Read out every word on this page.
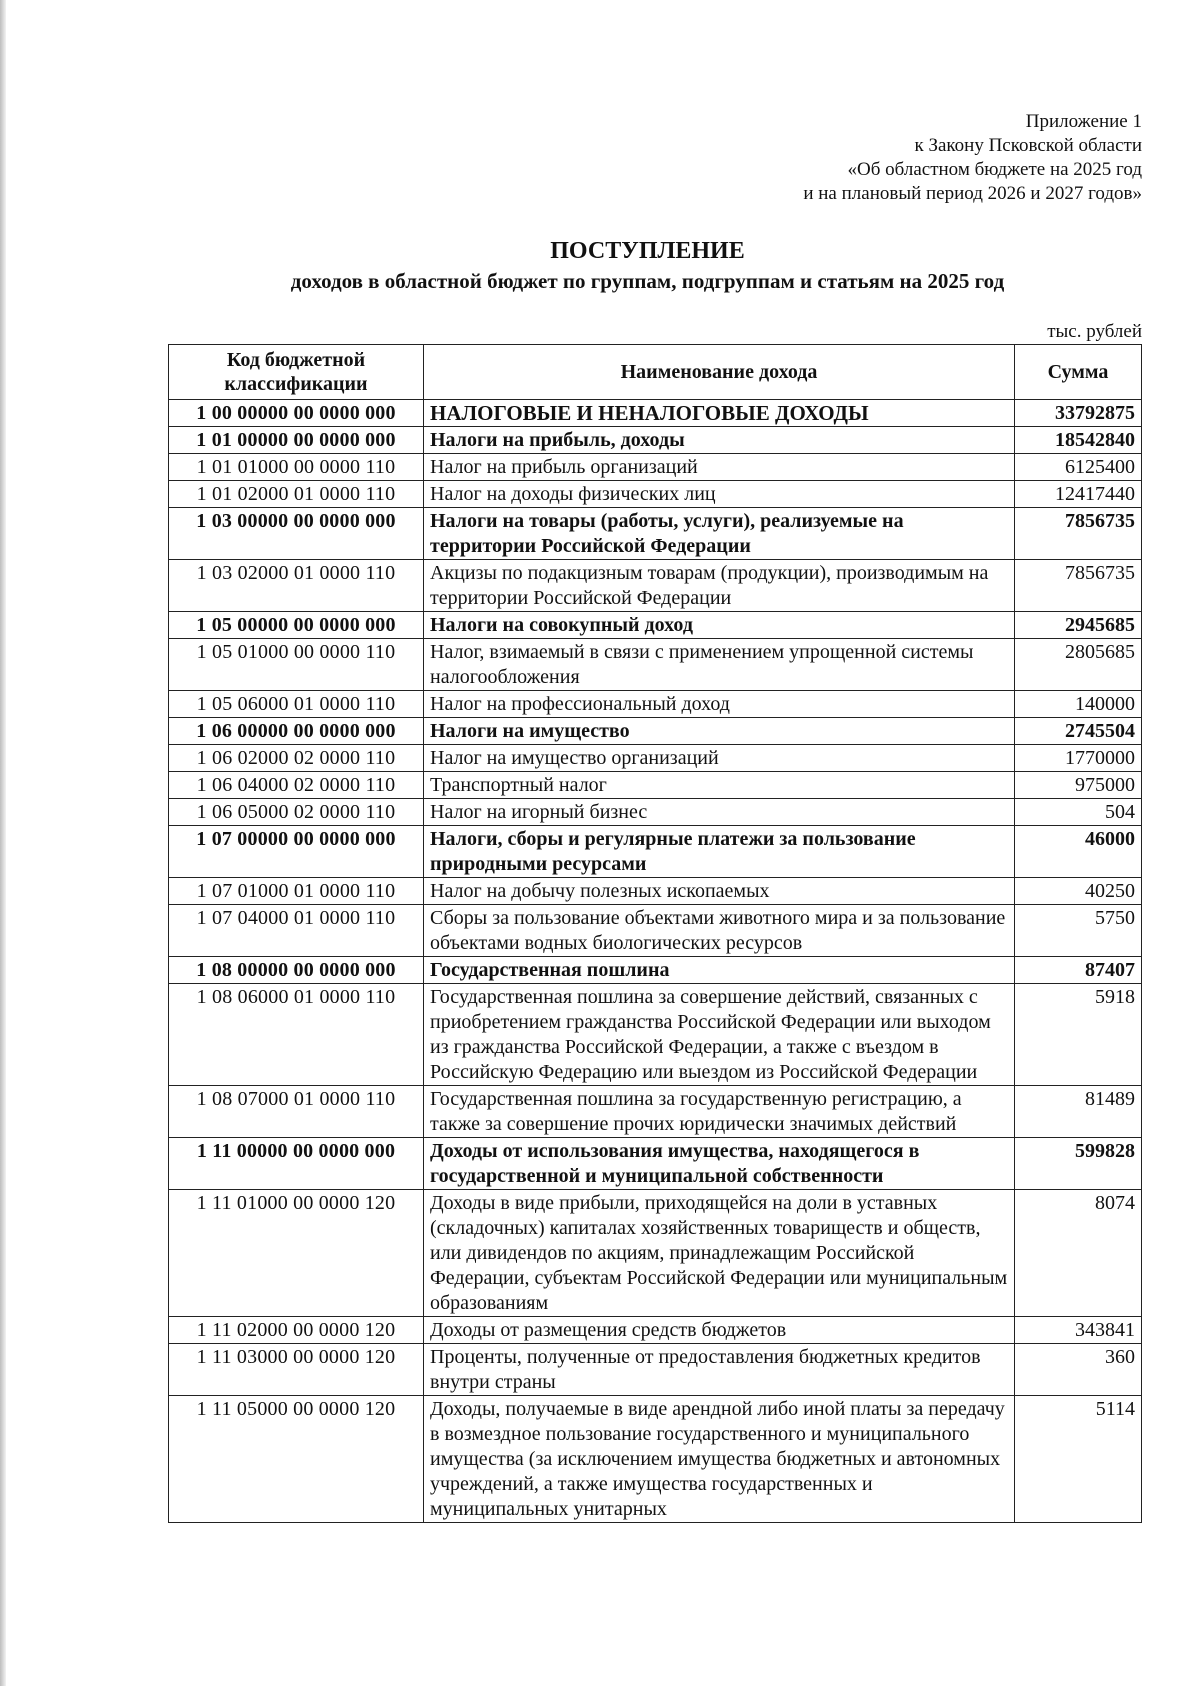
Приложение 1
к Закону Псковской области
«Об областном бюджете на 2025 год
и на плановый период 2026 и 2027 годов»
ПОСТУПЛЕНИЕ
доходов в областной бюджет по группам, подгруппам и статьям на 2025 год
тыс. рублей
Код бюджетной классификации	Наименование дохода	Сумма
1 00 00000 00 0000 000	НАЛОГОВЫЕ И НЕНАЛОГОВЫЕ ДОХОДЫ	33792875
1 01 00000 00 0000 000	Налоги на прибыль, доходы	18542840
1 01 01000 00 0000 110	Налог на прибыль организаций	6125400
1 01 02000 01 0000 110	Налог на доходы физических лиц	12417440
1 03 00000 00 0000 000	Налоги на товары (работы, услуги), реализуемые на территории Российской Федерации	7856735
1 03 02000 01 0000 110	Акцизы по подакцизным товарам (продукции), производимым на территории Российской Федерации	7856735
1 05 00000 00 0000 000	Налоги на совокупный доход	2945685
1 05 01000 00 0000 110	Налог, взимаемый в связи с применением упрощенной системы налогообложения	2805685
1 05 06000 01 0000 110	Налог на профессиональный доход	140000
1 06 00000 00 0000 000	Налоги на имущество	2745504
1 06 02000 02 0000 110	Налог на имущество организаций	1770000
1 06 04000 02 0000 110	Транспортный налог	975000
1 06 05000 02 0000 110	Налог на игорный бизнес	504
1 07 00000 00 0000 000	Налоги, сборы и регулярные платежи за пользование природными ресурсами	46000
1 07 01000 01 0000 110	Налог на добычу полезных ископаемых	40250
1 07 04000 01 0000 110	Сборы за пользование объектами животного мира и за пользование объектами водных биологических ресурсов	5750
1 08 00000 00 0000 000	Государственная пошлина	87407
1 08 06000 01 0000 110	Государственная пошлина за совершение действий, связанных с приобретением гражданства Российской Федерации или выходом из гражданства Российской Федерации, а также с въездом в Российскую Федерацию или выездом из Российской Федерации	5918
1 08 07000 01 0000 110	Государственная пошлина за государственную регистрацию, а также за совершение прочих юридически значимых действий	81489
1 11 00000 00 0000 000	Доходы от использования имущества, находящегося в государственной и муниципальной собственности	599828
1 11 01000 00 0000 120	Доходы в виде прибыли, приходящейся на доли в уставных (складочных) капиталах хозяйственных товариществ и обществ, или дивидендов по акциям, принадлежащим Российской Федерации, субъектам Российской Федерации или муниципальным образованиям	8074
1 11 02000 00 0000 120	Доходы от размещения средств бюджетов	343841
1 11 03000 00 0000 120	Проценты, полученные от предоставления бюджетных кредитов внутри страны	360
1 11 05000 00 0000 120	Доходы, получаемые в виде арендной либо иной платы за передачу в возмездное пользование государственного и муниципального имущества (за исключением имущества бюджетных и автономных учреждений, а также имущества государственных и муниципальных унитарных	5114
